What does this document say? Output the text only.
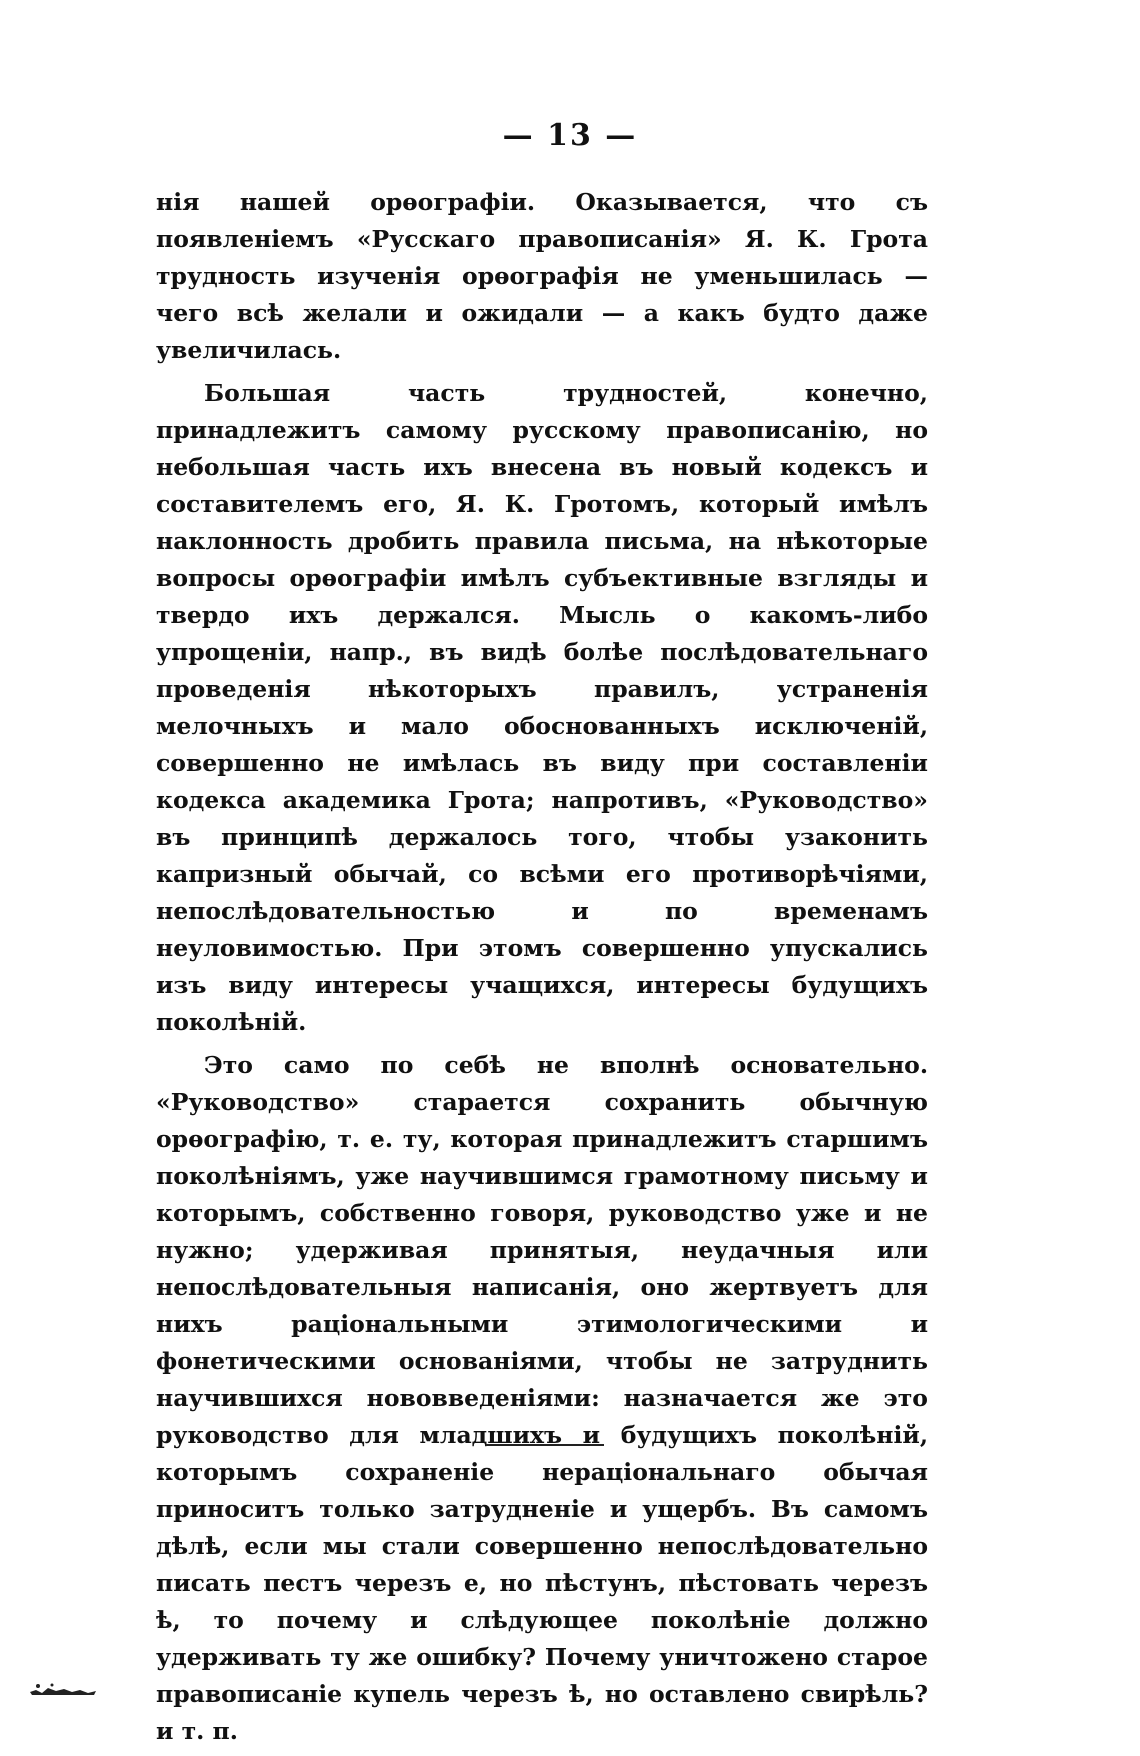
— 13 —

нія нашей орѳографіи. Оказывается, что съ появленіемъ «Русскаго правописанія» Я. К. Грота трудность изученія орѳографія не уменьшилась — чего всѣ желали и ожидали — а какъ будто даже увеличилась.

Большая часть трудностей, конечно, принадлежитъ самому русскому правописанію, но небольшая часть ихъ внесена въ новый кодексъ и составителемъ его, Я. К. Гротомъ, который имѣлъ наклонность дробить правила письма, на нѣкоторые вопросы орѳографіи имѣлъ субъективные взгляды и твердо ихъ держался. Мысль о какомъ-либо упрощеніи, напр., въ видѣ болѣе послѣдовательнаго проведенія нѣкоторыхъ правилъ, устраненія мелочныхъ и мало обоснованныхъ исключеній, совершенно не имѣлась въ виду при составленіи кодекса академика Грота; напротивъ, «Руководство» въ принципѣ держалось того, чтобы узаконить капризный обычай, со всѣми его противорѣчіями, непослѣдовательностью и по временамъ неуловимостью. При этомъ совершенно упускались изъ виду интересы учащихся, интересы будущихъ поколѣній.

Это само по себѣ не вполнѣ основательно. «Руководство» старается сохранить обычную орѳографію, т. е. ту, которая принадлежитъ старшимъ поколѣніямъ, уже научившимся грамотному письму и которымъ, собственно говоря, руководство уже и не нужно; удерживая принятыя, неудачныя или непослѣдовательныя написанія, оно жертвуетъ для нихъ раціональными этимологическими и фонетическими основаніями, чтобы не затруднить научившихся нововведеніями: назначается же это руководство для младшихъ и будущихъ поколѣній, которымъ сохраненіе нераціональнаго обычая приноситъ только затрудненіе и ущербъ. Въ самомъ дѣлѣ, если мы стали совершенно непослѣдовательно писать пестъ черезъ е, но пѣстунъ, пѣстовать черезъ ѣ, то почему и слѣдующее поколѣніе должно удерживать ту же ошибку? Почему уничтожено старое правописаніе купель черезъ ѣ, но оставлено свирѣль? и т. п.
